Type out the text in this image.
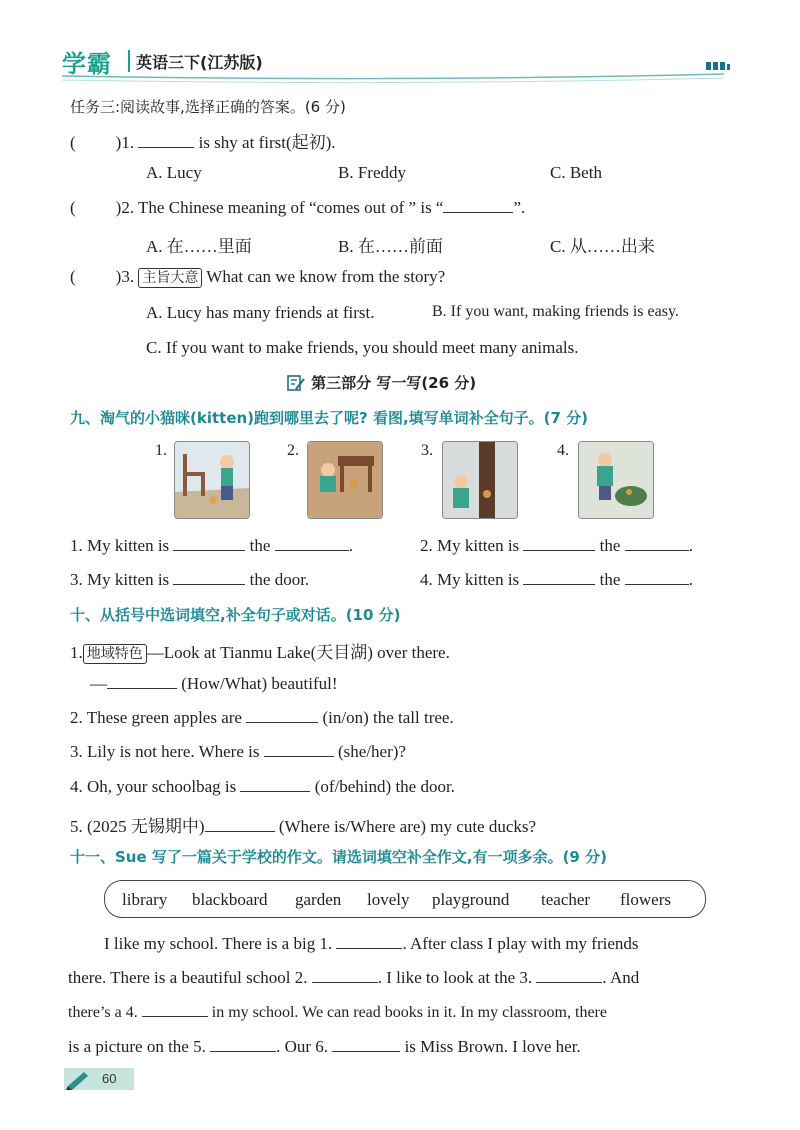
学霸 英语三下(江苏版)
任务三:阅读故事,选择正确的答案。(6 分)
( )1.	is shy at first(起初).
A. Lucy	B. Freddy	C. Beth
( )2. The Chinese meaning of “comes out of ” is “	”.
A. 在……里面	B. 在……前面	C. 从……出来
( )3. 主旨大意 What can we know from the story?
A. Lucy has many friends at first.	B. If you want, making friends is easy.
C. If you want to make friends, you should meet many animals.
第三部分 写一写(26 分)
九、淘气的小猫咪(kitten)跑到哪里去了呢? 看图,填写单词补全句子。(7 分)
1.	2.	3.	4.
1. My kitten is	the	.	2. My kitten is	the	.
3. My kitten is	the door.	4. My kitten is	the	.
十、从括号中选词填空,补全句子或对话。(10 分)
1. 地域特色 —Look at Tianmu Lake(天目湖) over there.
—	(How/What) beautiful!
2. These green apples are	(in/on) the tall tree.
3. Lily is not here. Where is	(she/her)?
4. Oh, your schoolbag is	(of/behind) the door.
5. (2025 无锡期中)	(Where is/Where are) my cute ducks?
十一、Sue 写了一篇关于学校的作文。请选词填空补全作文,有一项多余。(9 分)
library blackboard garden lovely playground teacher flowers
I like my school. There is a big 1.	. After class I play with my friends
there. There is a beautiful school 2.	. I like to look at the 3.	. And
there’s a 4.	in my school. We can read books in it. In my classroom, there
is a picture on the 5.	. Our 6.	is Miss Brown. I love her.
60
